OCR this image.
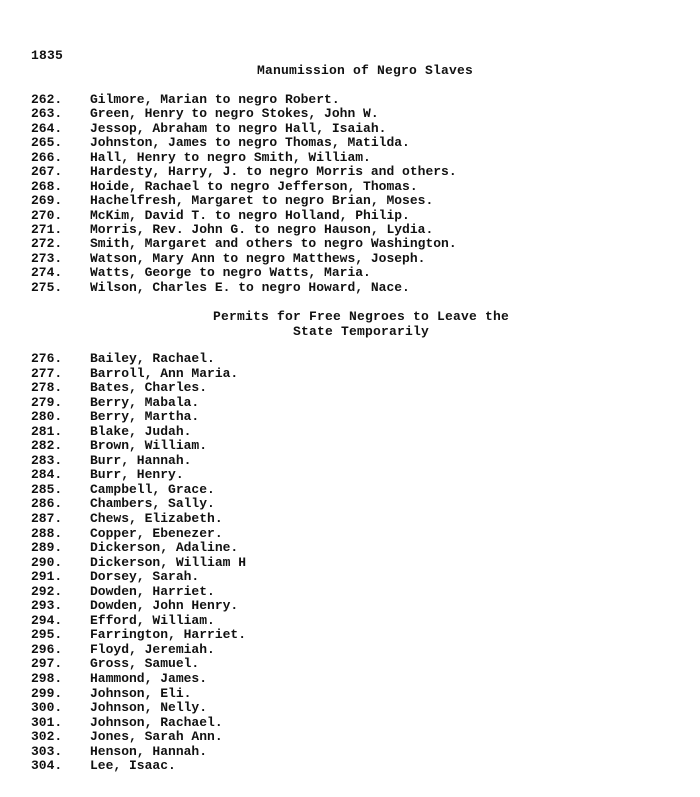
1835
Manumission of Negro Slaves
262.	Gilmore, Marian to negro Robert.
263.	Green, Henry to negro Stokes, John W.
264.	Jessop, Abraham to negro Hall, Isaiah.
265.	Johnston, James to negro Thomas, Matilda.
266.	Hall, Henry to negro Smith, William.
267.	Hardesty, Harry, J. to negro Morris and others.
268.	Hoide, Rachael to negro Jefferson, Thomas.
269.	Hachelfresh, Margaret to negro Brian, Moses.
270.	McKim, David T. to negro Holland, Philip.
271.	Morris, Rev. John G. to negro Hauson, Lydia.
272.	Smith, Margaret and others to negro Washington.
273.	Watson, Mary Ann to negro Matthews, Joseph.
274.	Watts, George to negro Watts, Maria.
275.	Wilson, Charles E. to negro Howard, Nace.
Permits for Free Negroes to Leave the
State Temporarily
276.	Bailey, Rachael.
277.	Barroll, Ann Maria.
278.	Bates, Charles.
279.	Berry, Mabala.
280.	Berry, Martha.
281.	Blake, Judah.
282.	Brown, William.
283.	Burr, Hannah.
284.	Burr, Henry.
285.	Campbell, Grace.
286.	Chambers, Sally.
287.	Chews, Elizabeth.
288.	Copper, Ebenezer.
289.	Dickerson, Adaline.
290.	Dickerson, William H
291.	Dorsey, Sarah.
292.	Dowden, Harriet.
293.	Dowden, John Henry.
294.	Efford, William.
295.	Farrington, Harriet.
296.	Floyd, Jeremiah.
297.	Gross, Samuel.
298.	Hammond, James.
299.	Johnson, Eli.
300.	Johnson, Nelly.
301.	Johnson, Rachael.
302.	Jones, Sarah Ann.
303.	Henson, Hannah.
304.	Lee, Isaac.
